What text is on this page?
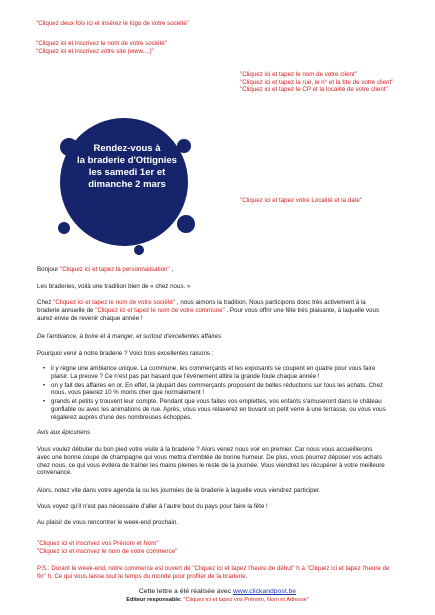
"Cliquez deux fois ici et insérez le logo de votre société"
"Cliquez ici et inscrivez le nom de votre société"
"Cliquez ici et inscrivez votre site (www....)"
"Cliquez ici et tapez le nom de votre client"
"Cliquez ici et tapez la rue, le n° et la bte de votre client"
"Cliquez ici et tapez le CP et la localité de votre client"
Rendez-vous à
la braderie d'Ottignies
les samedi 1er et
dimanche 2 mars
"Cliquez ici et tapez votre Localité et la date"
Bonjour "Cliquez ici et tapez la personnalisation" ,
Les braderies, voilà une tradition bien de « chez nous. »
Chez "Cliquez ici et tapez le nom de votre société" , nous aimons la tradition. Nous participons donc très activement à la braderie annuelle de "Cliquez ici et tapez le nom de votre commune" . Pour vous offrir une fête très plaisante, à laquelle vous aurez envie de revenir chaque année !
De l'ambiance, à boire et à manger, et surtout d'excellentes affaires
Pourquoi venir à notre braderie ? Voici trois excellentes raisons :
• il y règne une ambiance unique. La commune, les commerçants et les exposants se coupent en quatre pour vous faire plaisir. La preuve ? Ce n'est pas par hasard que l'événement attire la grande foule chaque année !
• on y fait des affaires en or. En effet, la plupart des commerçants proposent de belles réductions sur tous les achats. Chez nous, vous paierez 10 % moins cher que normalement !
• grands et petits y trouvent leur compte. Pendant que vous faites vos emplettes, vos enfants s'amuseront dans le château gonflable ou avec les animations de rue. Après, vous vous relaxerez en buvant un petit verre à une terrasse, ou vous vous régalerez auprès d'une des nombreuses échoppes.
Avis aux épicuriens
Vous voulez débuter du bon pied votre visite à la braderie ? Alors venez nous voir en premier. Car nous vous accueillerons avec une bonne coupe de champagne qui vous mettra d'emblée de bonne humeur. De plus, vous pourrez déposer vos achats chez nous, ce qui vous évitera de traîner les mains pleines le reste de la journée. Vous viendrez les récupérer à votre meilleure convenance.
Alors, notez vite dans votre agenda la ou les journées de la braderie à laquelle vous viendrez participer.
Vous voyez qu'il n'est pas nécessaire d'aller à l'autre bout du pays pour faire la fête !
Au plaisir de vous rencontrer le week-end prochain.
"Cliquez ici et inscrivez vos Prénom et Nom"
"Cliquez ici et inscrivez le nom de votre commerce"
P.S.: Durant le week-end, notre commerce est ouvert de "Cliquez ici et tapez l'heure de début" h à "Cliquez ici et tapez l'heure de fin" h. Ce qui vous laisse tout le temps du monde pour profiter de la braderie.
Cette lettre a été réalisée avec www.clickandpost.be
Editeur responsable: "Cliquez ici et tapez vos Prénom, Nom et Adresse"
